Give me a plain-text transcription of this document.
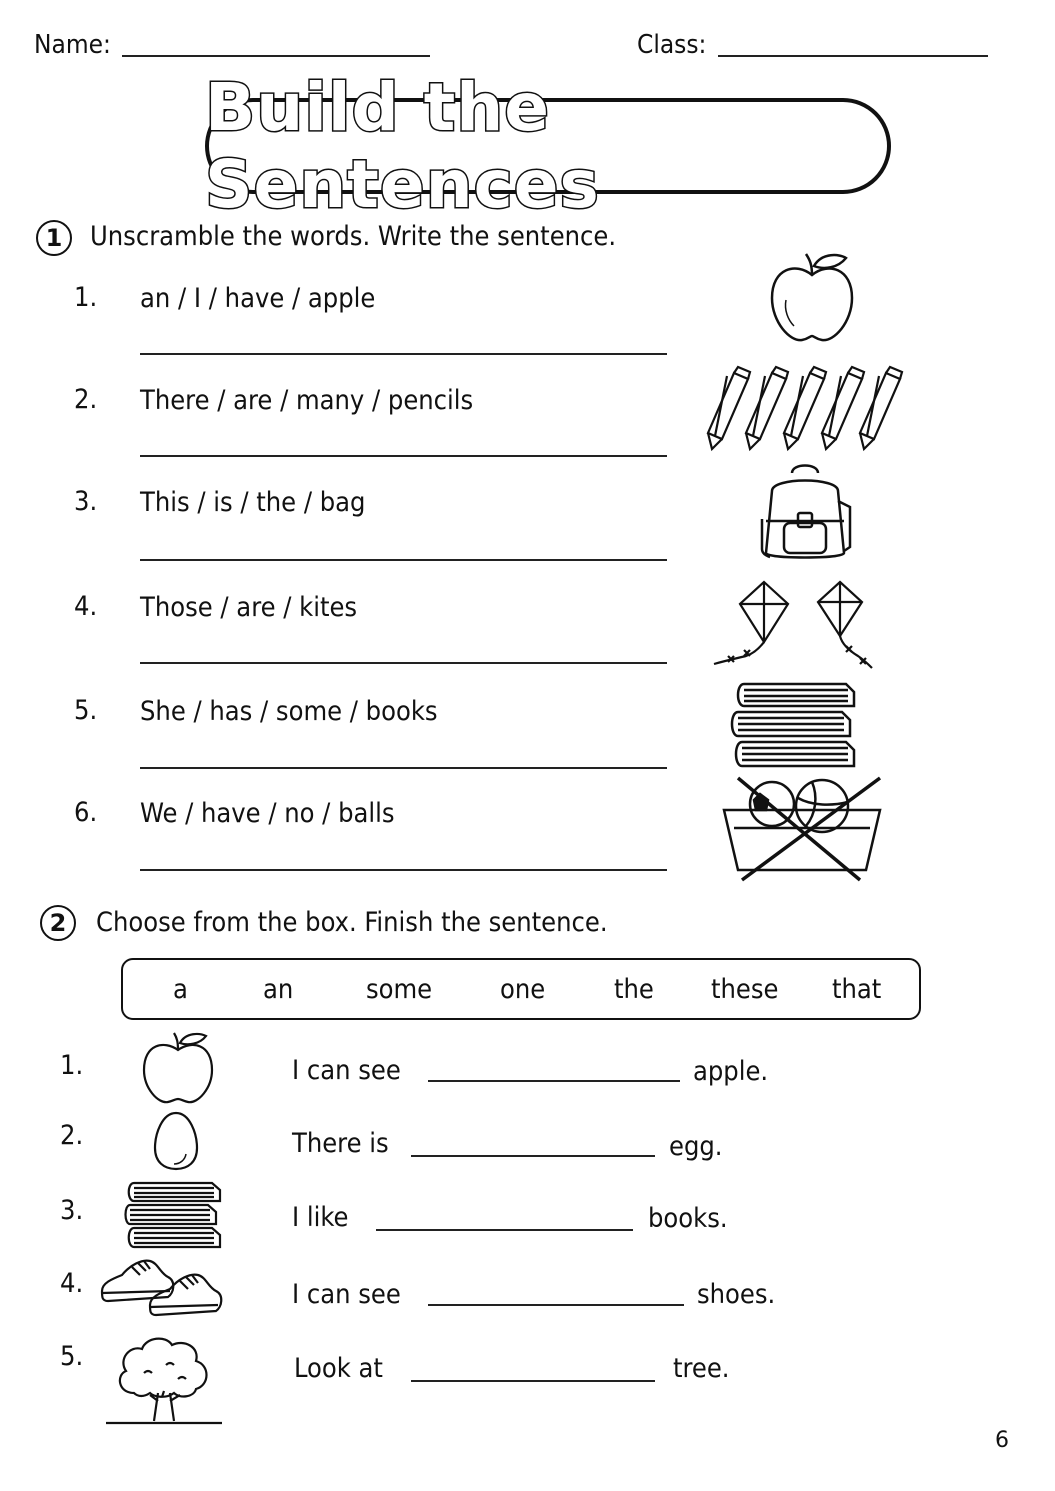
Name:	Class:
Build the Sentences
1	Unscramble the words. Write the sentence.
1. an / I / have / apple
2. There / are / many / pencils
3. This / is / the / bag
4. Those / are / kites
5. She / has / some / books
6. We / have / no / balls
2	Choose from the box. Finish the sentence.
a	an	some	one	the these that
1.	I can see	apple.
2.	There is	egg.
3.	I like	books.
4.	I can see	shoes.
5.	Look at	tree.
6
